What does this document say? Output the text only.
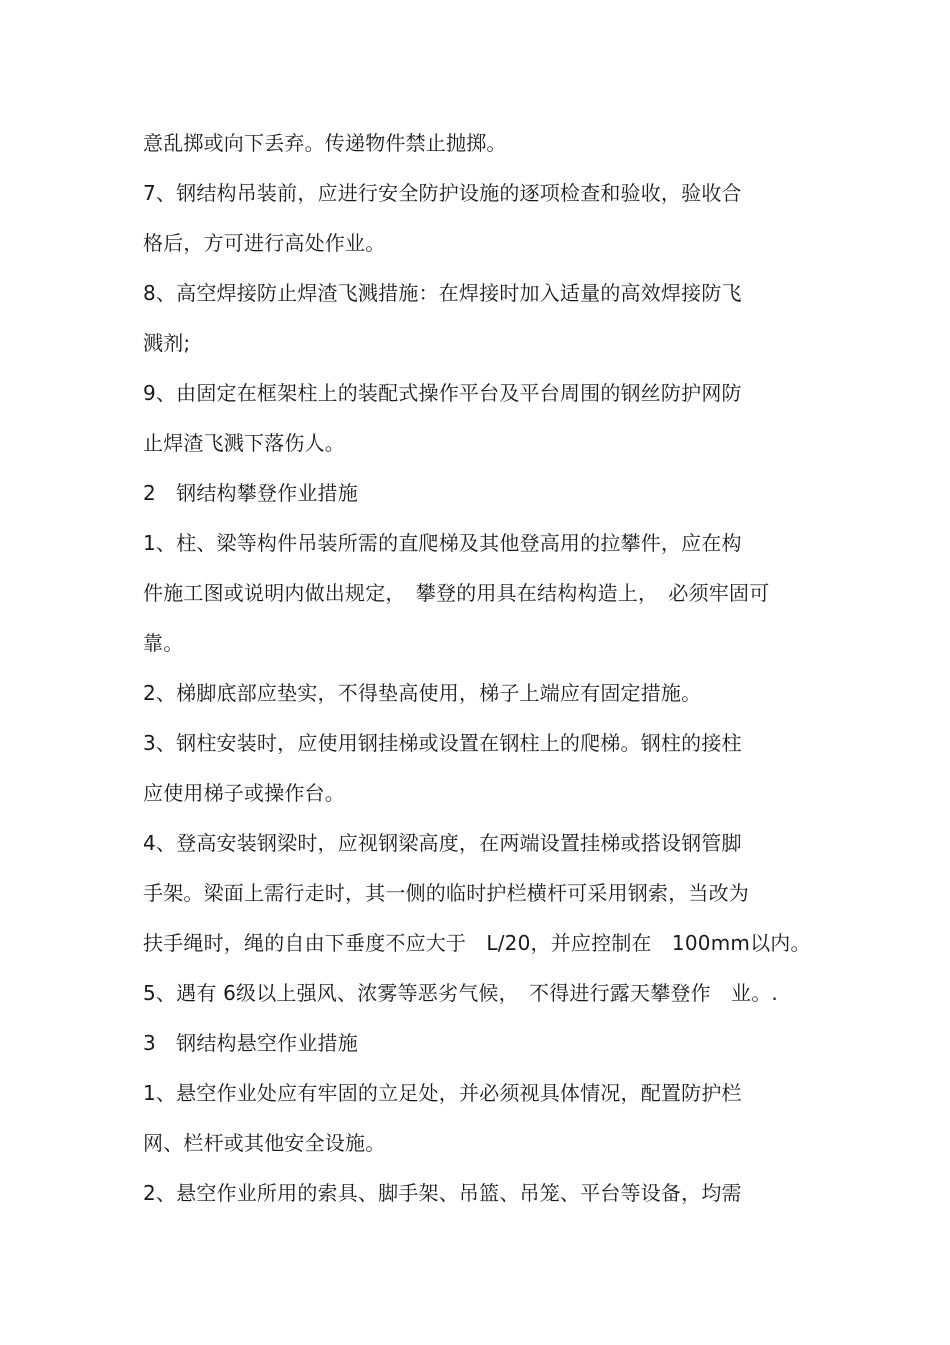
意乱掷或向下丢弃。传递物件禁止抛掷。
7、钢结构吊装前，应进行安全防护设施的逐项检查和验收，验收合
格后，方可进行高处作业。
8、高空焊接防止焊渣飞溅措施：在焊接时加入适量的高效焊接防飞
溅剂;
9、由固定在框架柱上的装配式操作平台及平台周围的钢丝防护网防
止焊渣飞溅下落伤人。
2　钢结构攀登作业措施
1、柱、梁等构件吊装所需的直爬梯及其他登高用的拉攀件，应在构
件施工图或说明内做出规定，　攀登的用具在结构构造上，　必须牢固可
靠。
2、梯脚底部应垫实，不得垫高使用，梯子上端应有固定措施。
3、钢柱安装时，应使用钢挂梯或设置在钢柱上的爬梯。钢柱的接柱
应使用梯子或操作台。
4、登高安装钢梁时，应视钢梁高度，在两端设置挂梯或搭设钢管脚
手架。梁面上需行走时，其一侧的临时护栏横杆可采用钢索，当改为
扶手绳时，绳的自由下垂度不应大于　L/20，并应控制在　100mm以内。
5、遇有 6级以上强风、浓雾等恶劣气候，　不得进行露天攀登作　业。.
3　钢结构悬空作业措施
1、悬空作业处应有牢固的立足处，并必须视具体情况，配置防护栏
网、栏杆或其他安全设施。
2、悬空作业所用的索具、脚手架、吊篮、吊笼、平台等设备，均需
